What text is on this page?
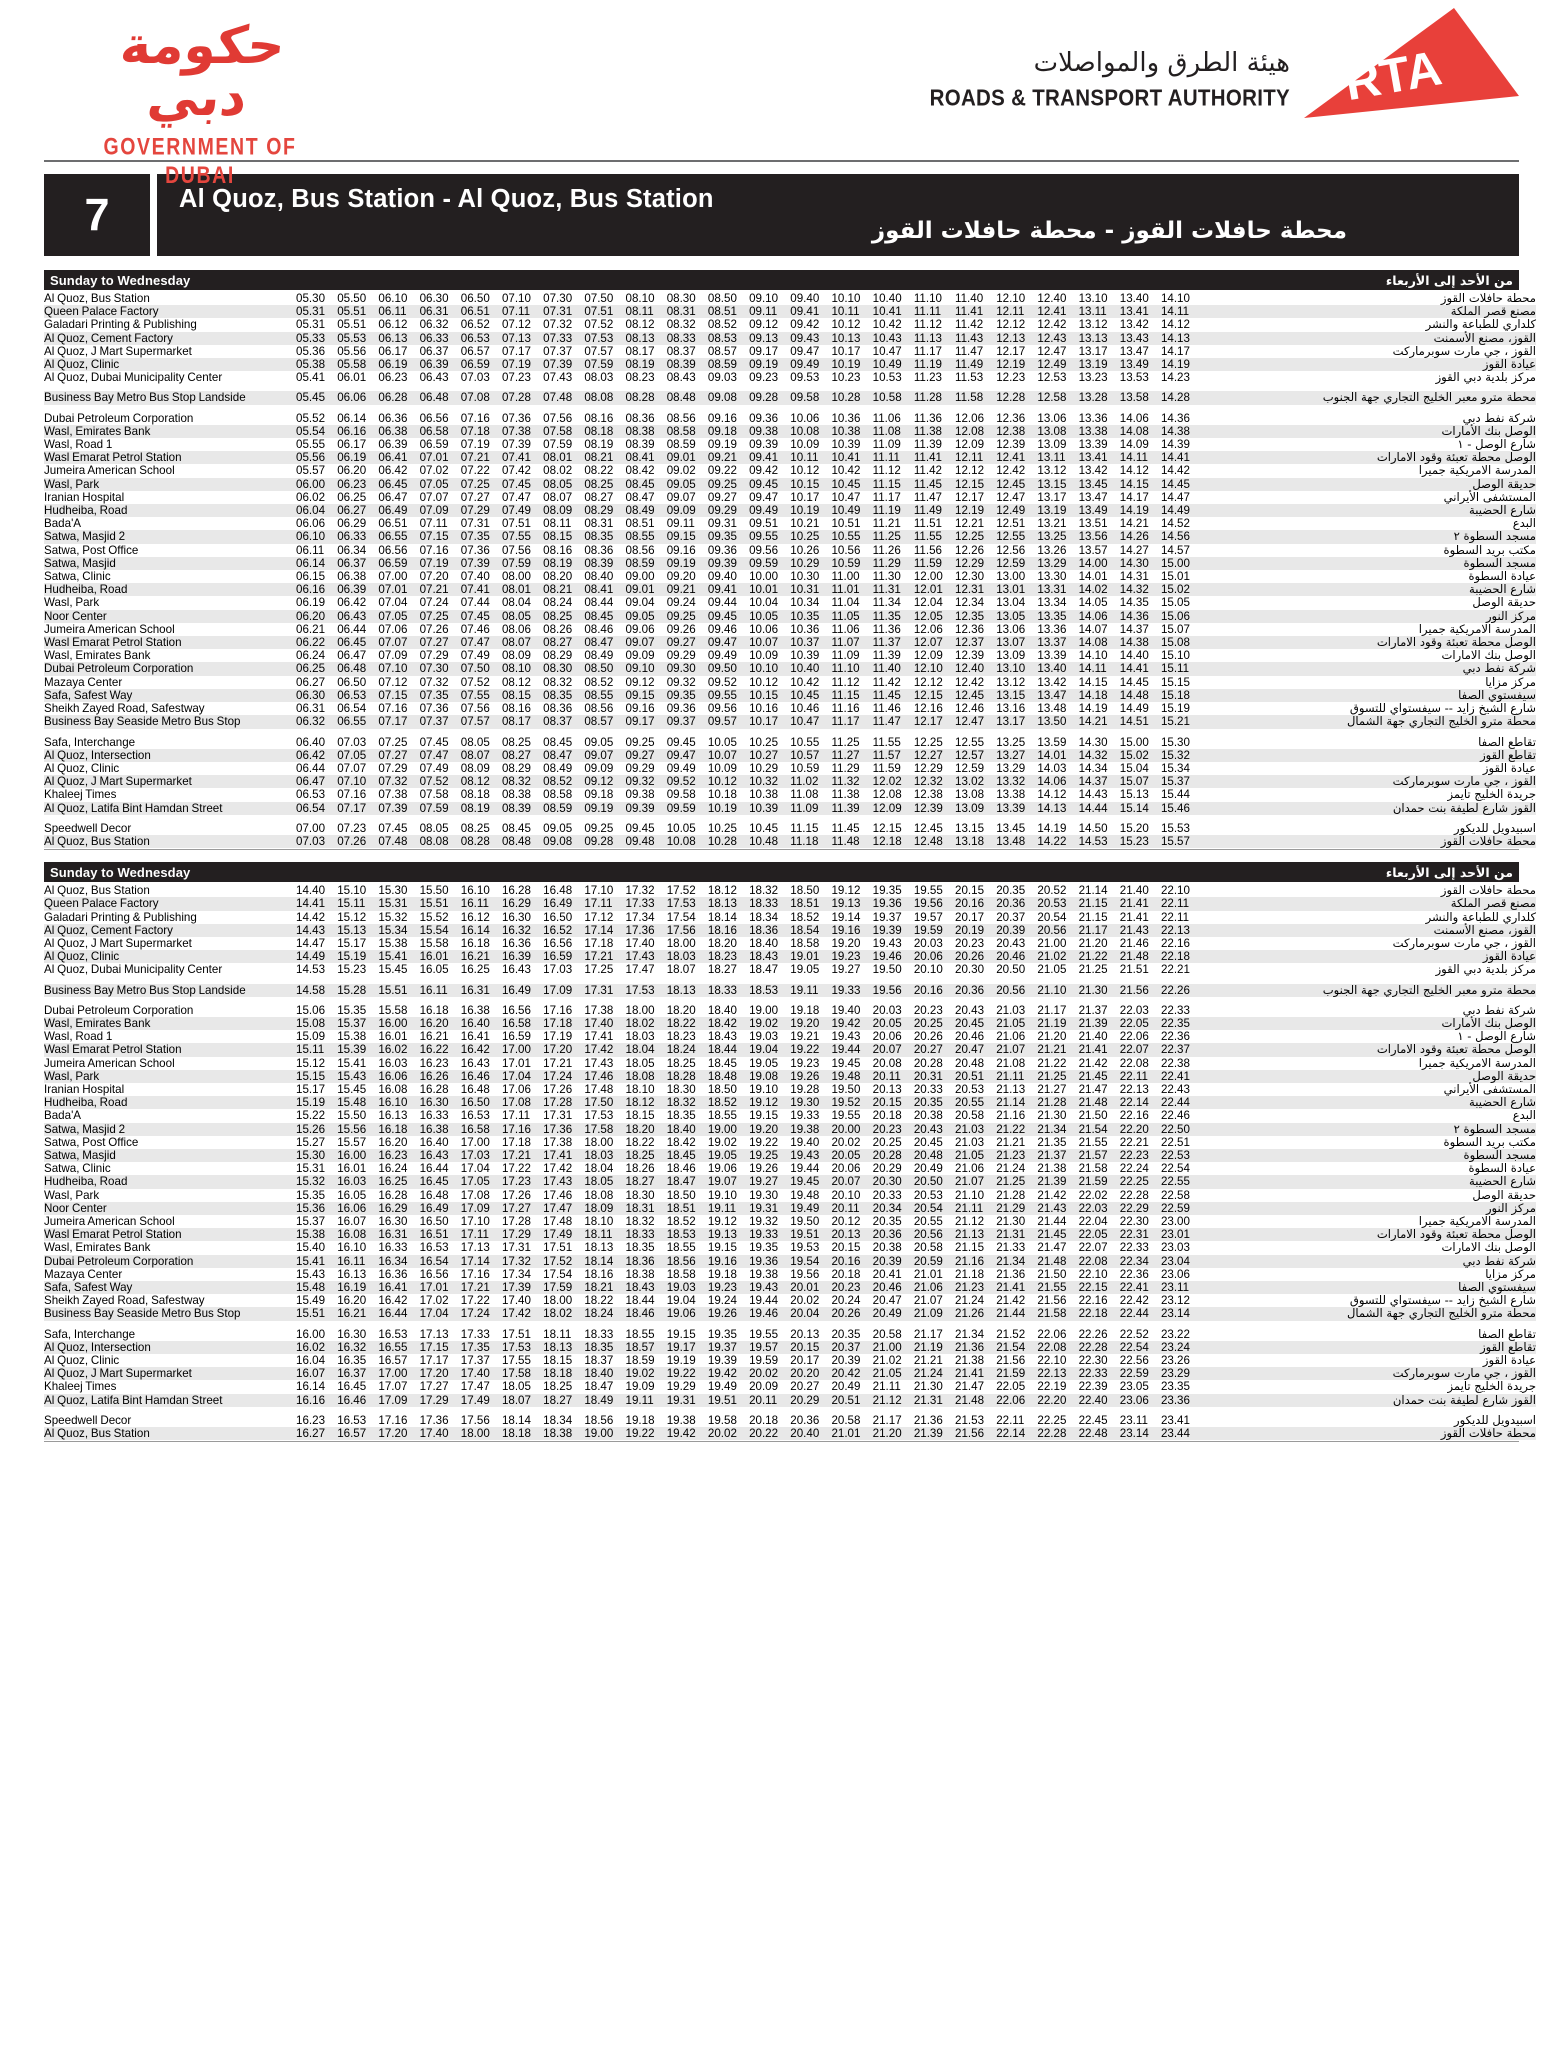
حكومة دبي
GOVERNMENT OF DUBAI
هيئة الطرق والمواصلات
ROADS & TRANSPORT AUTHORITY RTA
7	Al Quoz, Bus Station - Al Quoz, Bus Station
محطة حافلات القوز - محطة حافلات القوز
Sunday to Wednesday	من الأحد إلى الأربعاء
Al Quoz, Bus Station	05.30	05.50	06.10	06.30	06.50	07.10	07.30	07.50	08.10	08.30	08.50	09.10	09.40	10.10	10.40	11.10	11.40	12.10	12.40	13.10	13.40	14.10	محطة حافلات القوز
Queen Palace Factory	05.31	05.51	06.11	06.31	06.51	07.11	07.31	07.51	08.11	08.31	08.51	09.11	09.41	10.11	10.41	11.11	11.41	12.11	12.41	13.11	13.41	14.11	مصنع قصر الملكة
Galadari Printing & Publishing	05.31	05.51	06.12	06.32	06.52	07.12	07.32	07.52	08.12	08.32	08.52	09.12	09.42	10.12	10.42	11.12	11.42	12.12	12.42	13.12	13.42	14.12	كلداري للطباعة والنشر
Al Quoz, Cement Factory	05.33	05.53	06.13	06.33	06.53	07.13	07.33	07.53	08.13	08.33	08.53	09.13	09.43	10.13	10.43	11.13	11.43	12.13	12.43	13.13	13.43	14.13	القوز، مصنع الأسمنت
Al Quoz, J Mart Supermarket	05.36	05.56	06.17	06.37	06.57	07.17	07.37	07.57	08.17	08.37	08.57	09.17	09.47	10.17	10.47	11.17	11.47	12.17	12.47	13.17	13.47	14.17	القوز ، جي مارت سوبرماركت
Al Quoz, Clinic	05.38	05.58	06.19	06.39	06.59	07.19	07.39	07.59	08.19	08.39	08.59	09.19	09.49	10.19	10.49	11.19	11.49	12.19	12.49	13.19	13.49	14.19	عيادة القوز
Al Quoz, Dubai Municipality Center	05.41	06.01	06.23	06.43	07.03	07.23	07.43	08.03	08.23	08.43	09.03	09.23	09.53	10.23	10.53	11.23	11.53	12.23	12.53	13.23	13.53	14.23	مركز بلدية دبي القوز

Business Bay Metro Bus Stop Landside	05.45	06.06	06.28	06.48	07.08	07.28	07.48	08.08	08.28	08.48	09.08	09.28	09.58	10.28	10.58	11.28	11.58	12.28	12.58	13.28	13.58	14.28	محطة مترو معبر الخليج التجاري جهة الجنوب

Dubai Petroleum Corporation	05.52	06.14	06.36	06.56	07.16	07.36	07.56	08.16	08.36	08.56	09.16	09.36	10.06	10.36	11.06	11.36	12.06	12.36	13.06	13.36	14.06	14.36	شركة نفط دبي
Wasl, Emirates Bank	05.54	06.16	06.38	06.58	07.18	07.38	07.58	08.18	08.38	08.58	09.18	09.38	10.08	10.38	11.08	11.38	12.08	12.38	13.08	13.38	14.08	14.38	الوصل بنك الأمارات
Wasl, Road 1	05.55	06.17	06.39	06.59	07.19	07.39	07.59	08.19	08.39	08.59	09.19	09.39	10.09	10.39	11.09	11.39	12.09	12.39	13.09	13.39	14.09	14.39	شارع الوصل - ١
Wasl Emarat Petrol Station	05.56	06.19	06.41	07.01	07.21	07.41	08.01	08.21	08.41	09.01	09.21	09.41	10.11	10.41	11.11	11.41	12.11	12.41	13.11	13.41	14.11	14.41	الوصل محطة تعبئة وقود الامارات
Jumeira American School	05.57	06.20	06.42	07.02	07.22	07.42	08.02	08.22	08.42	09.02	09.22	09.42	10.12	10.42	11.12	11.42	12.12	12.42	13.12	13.42	14.12	14.42	المدرسة الامريكية جميرا
Wasl, Park	06.00	06.23	06.45	07.05	07.25	07.45	08.05	08.25	08.45	09.05	09.25	09.45	10.15	10.45	11.15	11.45	12.15	12.45	13.15	13.45	14.15	14.45	حديقة الوصل
Iranian Hospital	06.02	06.25	06.47	07.07	07.27	07.47	08.07	08.27	08.47	09.07	09.27	09.47	10.17	10.47	11.17	11.47	12.17	12.47	13.17	13.47	14.17	14.47	المستشفى الأيراني
Hudheiba, Road	06.04	06.27	06.49	07.09	07.29	07.49	08.09	08.29	08.49	09.09	09.29	09.49	10.19	10.49	11.19	11.49	12.19	12.49	13.19	13.49	14.19	14.49	شارع الحضيبة
Bada'A	06.06	06.29	06.51	07.11	07.31	07.51	08.11	08.31	08.51	09.11	09.31	09.51	10.21	10.51	11.21	11.51	12.21	12.51	13.21	13.51	14.21	14.52	البدع
Satwa, Masjid 2	06.10	06.33	06.55	07.15	07.35	07.55	08.15	08.35	08.55	09.15	09.35	09.55	10.25	10.55	11.25	11.55	12.25	12.55	13.25	13.56	14.26	14.56	مسجد السطوة ٢
Satwa, Post Office	06.11	06.34	06.56	07.16	07.36	07.56	08.16	08.36	08.56	09.16	09.36	09.56	10.26	10.56	11.26	11.56	12.26	12.56	13.26	13.57	14.27	14.57	مكتب بريد السطوة
Satwa, Masjid	06.14	06.37	06.59	07.19	07.39	07.59	08.19	08.39	08.59	09.19	09.39	09.59	10.29	10.59	11.29	11.59	12.29	12.59	13.29	14.00	14.30	15.00	مسجد السطوة
Satwa, Clinic	06.15	06.38	07.00	07.20	07.40	08.00	08.20	08.40	09.00	09.20	09.40	10.00	10.30	11.00	11.30	12.00	12.30	13.00	13.30	14.01	14.31	15.01	عيادة السطوة
Hudheiba, Road	06.16	06.39	07.01	07.21	07.41	08.01	08.21	08.41	09.01	09.21	09.41	10.01	10.31	11.01	11.31	12.01	12.31	13.01	13.31	14.02	14.32	15.02	شارع الحضيبة
Wasl, Park	06.19	06.42	07.04	07.24	07.44	08.04	08.24	08.44	09.04	09.24	09.44	10.04	10.34	11.04	11.34	12.04	12.34	13.04	13.34	14.05	14.35	15.05	حديقة الوصل
Noor Center	06.20	06.43	07.05	07.25	07.45	08.05	08.25	08.45	09.05	09.25	09.45	10.05	10.35	11.05	11.35	12.05	12.35	13.05	13.35	14.06	14.36	15.06	مركز النور
Jumeira American School	06.21	06.44	07.06	07.26	07.46	08.06	08.26	08.46	09.06	09.26	09.46	10.06	10.36	11.06	11.36	12.06	12.36	13.06	13.36	14.07	14.37	15.07	المدرسة الامريكية جميرا
Wasl Emarat Petrol Station	06.22	06.45	07.07	07.27	07.47	08.07	08.27	08.47	09.07	09.27	09.47	10.07	10.37	11.07	11.37	12.07	12.37	13.07	13.37	14.08	14.38	15.08	الوصل محطة تعبئة وقود الامارات
Wasl, Emirates Bank	06.24	06.47	07.09	07.29	07.49	08.09	08.29	08.49	09.09	09.29	09.49	10.09	10.39	11.09	11.39	12.09	12.39	13.09	13.39	14.10	14.40	15.10	الوصل بنك الامارات
Dubai Petroleum Corporation	06.25	06.48	07.10	07.30	07.50	08.10	08.30	08.50	09.10	09.30	09.50	10.10	10.40	11.10	11.40	12.10	12.40	13.10	13.40	14.11	14.41	15.11	شركة نفط دبي
Mazaya Center	06.27	06.50	07.12	07.32	07.52	08.12	08.32	08.52	09.12	09.32	09.52	10.12	10.42	11.12	11.42	12.12	12.42	13.12	13.42	14.15	14.45	15.15	مركز مزايا
Safa, Safest Way	06.30	06.53	07.15	07.35	07.55	08.15	08.35	08.55	09.15	09.35	09.55	10.15	10.45	11.15	11.45	12.15	12.45	13.15	13.47	14.18	14.48	15.18	سيفستوي الصفا
Sheikh Zayed Road, Safestway	06.31	06.54	07.16	07.36	07.56	08.16	08.36	08.56	09.16	09.36	09.56	10.16	10.46	11.16	11.46	12.16	12.46	13.16	13.48	14.19	14.49	15.19	شارع الشيخ زايد -- سيفستواي للتسوق
Business Bay Seaside Metro Bus Stop	06.32	06.55	07.17	07.37	07.57	08.17	08.37	08.57	09.17	09.37	09.57	10.17	10.47	11.17	11.47	12.17	12.47	13.17	13.50	14.21	14.51	15.21	محطة مترو الخليج التجاري جهة الشمال

Safa, Interchange	06.40	07.03	07.25	07.45	08.05	08.25	08.45	09.05	09.25	09.45	10.05	10.25	10.55	11.25	11.55	12.25	12.55	13.25	13.59	14.30	15.00	15.30	تقاطع الصفا
Al Quoz, Intersection	06.42	07.05	07.27	07.47	08.07	08.27	08.47	09.07	09.27	09.47	10.07	10.27	10.57	11.27	11.57	12.27	12.57	13.27	14.01	14.32	15.02	15.32	تقاطع القوز
Al Quoz, Clinic	06.44	07.07	07.29	07.49	08.09	08.29	08.49	09.09	09.29	09.49	10.09	10.29	10.59	11.29	11.59	12.29	12.59	13.29	14.03	14.34	15.04	15.34	عيادة القوز
Al Quoz, J Mart Supermarket	06.47	07.10	07.32	07.52	08.12	08.32	08.52	09.12	09.32	09.52	10.12	10.32	11.02	11.32	12.02	12.32	13.02	13.32	14.06	14.37	15.07	15.37	القوز ، جي مارت سوبرماركت
Khaleej Times	06.53	07.16	07.38	07.58	08.18	08.38	08.58	09.18	09.38	09.58	10.18	10.38	11.08	11.38	12.08	12.38	13.08	13.38	14.12	14.43	15.13	15.44	جريدة الخليج تايمز
Al Quoz, Latifa Bint Hamdan Street	06.54	07.17	07.39	07.59	08.19	08.39	08.59	09.19	09.39	09.59	10.19	10.39	11.09	11.39	12.09	12.39	13.09	13.39	14.13	14.44	15.14	15.46	القوز شارع لطيفة بنت حمدان

Speedwell Decor	07.00	07.23	07.45	08.05	08.25	08.45	09.05	09.25	09.45	10.05	10.25	10.45	11.15	11.45	12.15	12.45	13.15	13.45	14.19	14.50	15.20	15.53	اسبيدويل للديكور
Al Quoz, Bus Station	07.03	07.26	07.48	08.08	08.28	08.48	09.08	09.28	09.48	10.08	10.28	10.48	11.18	11.48	12.18	12.48	13.18	13.48	14.22	14.53	15.23	15.57	محطة حافلات القوز
Sunday to Wednesday	من الأحد إلى الأربعاء
Al Quoz, Bus Station	14.40	15.10	15.30	15.50	16.10	16.28	16.48	17.10	17.32	17.52	18.12	18.32	18.50	19.12	19.35	19.55	20.15	20.35	20.52	21.14	21.40	22.10	محطة حافلات القوز
Queen Palace Factory	14.41	15.11	15.31	15.51	16.11	16.29	16.49	17.11	17.33	17.53	18.13	18.33	18.51	19.13	19.36	19.56	20.16	20.36	20.53	21.15	21.41	22.11	مصنع قصر الملكة
Galadari Printing & Publishing	14.42	15.12	15.32	15.52	16.12	16.30	16.50	17.12	17.34	17.54	18.14	18.34	18.52	19.14	19.37	19.57	20.17	20.37	20.54	21.15	21.41	22.11	كلداري للطباعة والنشر
Al Quoz, Cement Factory	14.43	15.13	15.34	15.54	16.14	16.32	16.52	17.14	17.36	17.56	18.16	18.36	18.54	19.16	19.39	19.59	20.19	20.39	20.56	21.17	21.43	22.13	القوز، مصنع الأسمنت
Al Quoz, J Mart Supermarket	14.47	15.17	15.38	15.58	16.18	16.36	16.56	17.18	17.40	18.00	18.20	18.40	18.58	19.20	19.43	20.03	20.23	20.43	21.00	21.20	21.46	22.16	القوز ، جي مارت سوبرماركت
Al Quoz, Clinic	14.49	15.19	15.41	16.01	16.21	16.39	16.59	17.21	17.43	18.03	18.23	18.43	19.01	19.23	19.46	20.06	20.26	20.46	21.02	21.22	21.48	22.18	عيادة القوز
Al Quoz, Dubai Municipality Center	14.53	15.23	15.45	16.05	16.25	16.43	17.03	17.25	17.47	18.07	18.27	18.47	19.05	19.27	19.50	20.10	20.30	20.50	21.05	21.25	21.51	22.21	مركز بلدية دبي القوز

Business Bay Metro Bus Stop Landside	14.58	15.28	15.51	16.11	16.31	16.49	17.09	17.31	17.53	18.13	18.33	18.53	19.11	19.33	19.56	20.16	20.36	20.56	21.10	21.30	21.56	22.26	محطة مترو معبر الخليج التجاري جهة الجنوب

Dubai Petroleum Corporation	15.06	15.35	15.58	16.18	16.38	16.56	17.16	17.38	18.00	18.20	18.40	19.00	19.18	19.40	20.03	20.23	20.43	21.03	21.17	21.37	22.03	22.33	شركة نفط دبي
Wasl, Emirates Bank	15.08	15.37	16.00	16.20	16.40	16.58	17.18	17.40	18.02	18.22	18.42	19.02	19.20	19.42	20.05	20.25	20.45	21.05	21.19	21.39	22.05	22.35	الوصل بنك الأمارات
Wasl, Road 1	15.09	15.38	16.01	16.21	16.41	16.59	17.19	17.41	18.03	18.23	18.43	19.03	19.21	19.43	20.06	20.26	20.46	21.06	21.20	21.40	22.06	22.36	شارع الوصل - ١
Wasl Emarat Petrol Station	15.11	15.39	16.02	16.22	16.42	17.00	17.20	17.42	18.04	18.24	18.44	19.04	19.22	19.44	20.07	20.27	20.47	21.07	21.21	21.41	22.07	22.37	الوصل محطة تعبئة وقود الامارات
Jumeira American School	15.12	15.41	16.03	16.23	16.43	17.01	17.21	17.43	18.05	18.25	18.45	19.05	19.23	19.45	20.08	20.28	20.48	21.08	21.22	21.42	22.08	22.38	المدرسة الامريكية جميرا
Wasl, Park	15.15	15.43	16.06	16.26	16.46	17.04	17.24	17.46	18.08	18.28	18.48	19.08	19.26	19.48	20.11	20.31	20.51	21.11	21.25	21.45	22.11	22.41	حديقة الوصل
Iranian Hospital	15.17	15.45	16.08	16.28	16.48	17.06	17.26	17.48	18.10	18.30	18.50	19.10	19.28	19.50	20.13	20.33	20.53	21.13	21.27	21.47	22.13	22.43	المستشفى الأيراني
Hudheiba, Road	15.19	15.48	16.10	16.30	16.50	17.08	17.28	17.50	18.12	18.32	18.52	19.12	19.30	19.52	20.15	20.35	20.55	21.14	21.28	21.48	22.14	22.44	شارع الحضيبة
Bada'A	15.22	15.50	16.13	16.33	16.53	17.11	17.31	17.53	18.15	18.35	18.55	19.15	19.33	19.55	20.18	20.38	20.58	21.16	21.30	21.50	22.16	22.46	البدع
Satwa, Masjid 2	15.26	15.56	16.18	16.38	16.58	17.16	17.36	17.58	18.20	18.40	19.00	19.20	19.38	20.00	20.23	20.43	21.03	21.22	21.34	21.54	22.20	22.50	مسجد السطوة ٢
Satwa, Post Office	15.27	15.57	16.20	16.40	17.00	17.18	17.38	18.00	18.22	18.42	19.02	19.22	19.40	20.02	20.25	20.45	21.03	21.21	21.35	21.55	22.21	22.51	مكتب بريد السطوة
Satwa, Masjid	15.30	16.00	16.23	16.43	17.03	17.21	17.41	18.03	18.25	18.45	19.05	19.25	19.43	20.05	20.28	20.48	21.05	21.23	21.37	21.57	22.23	22.53	مسجد السطوة
Satwa, Clinic	15.31	16.01	16.24	16.44	17.04	17.22	17.42	18.04	18.26	18.46	19.06	19.26	19.44	20.06	20.29	20.49	21.06	21.24	21.38	21.58	22.24	22.54	عيادة السطوة
Hudheiba, Road	15.32	16.03	16.25	16.45	17.05	17.23	17.43	18.05	18.27	18.47	19.07	19.27	19.45	20.07	20.30	20.50	21.07	21.25	21.39	21.59	22.25	22.55	شارع الحضيبة
Wasl, Park	15.35	16.05	16.28	16.48	17.08	17.26	17.46	18.08	18.30	18.50	19.10	19.30	19.48	20.10	20.33	20.53	21.10	21.28	21.42	22.02	22.28	22.58	حديقة الوصل
Noor Center	15.36	16.06	16.29	16.49	17.09	17.27	17.47	18.09	18.31	18.51	19.11	19.31	19.49	20.11	20.34	20.54	21.11	21.29	21.43	22.03	22.29	22.59	مركز النور
Jumeira American School	15.37	16.07	16.30	16.50	17.10	17.28	17.48	18.10	18.32	18.52	19.12	19.32	19.50	20.12	20.35	20.55	21.12	21.30	21.44	22.04	22.30	23.00	المدرسة الامريكية جميرا
Wasl Emarat Petrol Station	15.38	16.08	16.31	16.51	17.11	17.29	17.49	18.11	18.33	18.53	19.13	19.33	19.51	20.13	20.36	20.56	21.13	21.31	21.45	22.05	22.31	23.01	الوصل محطة تعبئة وقود الامارات
Wasl, Emirates Bank	15.40	16.10	16.33	16.53	17.13	17.31	17.51	18.13	18.35	18.55	19.15	19.35	19.53	20.15	20.38	20.58	21.15	21.33	21.47	22.07	22.33	23.03	الوصل بنك الامارات
Dubai Petroleum Corporation	15.41	16.11	16.34	16.54	17.14	17.32	17.52	18.14	18.36	18.56	19.16	19.36	19.54	20.16	20.39	20.59	21.16	21.34	21.48	22.08	22.34	23.04	شركة نفط دبي
Mazaya Center	15.43	16.13	16.36	16.56	17.16	17.34	17.54	18.16	18.38	18.58	19.18	19.38	19.56	20.18	20.41	21.01	21.18	21.36	21.50	22.10	22.36	23.06	مركز مزايا
Safa, Safest Way	15.48	16.19	16.41	17.01	17.21	17.39	17.59	18.21	18.43	19.03	19.23	19.43	20.01	20.23	20.46	21.06	21.23	21.41	21.55	22.15	22.41	23.11	سيفستوي الصفا
Sheikh Zayed Road, Safestway	15.49	16.20	16.42	17.02	17.22	17.40	18.00	18.22	18.44	19.04	19.24	19.44	20.02	20.24	20.47	21.07	21.24	21.42	21.56	22.16	22.42	23.12	شارع الشيخ زايد -- سيفستواي للتسوق
Business Bay Seaside Metro Bus Stop	15.51	16.21	16.44	17.04	17.24	17.42	18.02	18.24	18.46	19.06	19.26	19.46	20.04	20.26	20.49	21.09	21.26	21.44	21.58	22.18	22.44	23.14	محطة مترو الخليج التجاري جهة الشمال

Safa, Interchange	16.00	16.30	16.53	17.13	17.33	17.51	18.11	18.33	18.55	19.15	19.35	19.55	20.13	20.35	20.58	21.17	21.34	21.52	22.06	22.26	22.52	23.22	تقاطع الصفا
Al Quoz, Intersection	16.02	16.32	16.55	17.15	17.35	17.53	18.13	18.35	18.57	19.17	19.37	19.57	20.15	20.37	21.00	21.19	21.36	21.54	22.08	22.28	22.54	23.24	تقاطع القوز
Al Quoz, Clinic	16.04	16.35	16.57	17.17	17.37	17.55	18.15	18.37	18.59	19.19	19.39	19.59	20.17	20.39	21.02	21.21	21.38	21.56	22.10	22.30	22.56	23.26	عيادة القوز
Al Quoz, J Mart Supermarket	16.07	16.37	17.00	17.20	17.40	17.58	18.18	18.40	19.02	19.22	19.42	20.02	20.20	20.42	21.05	21.24	21.41	21.59	22.13	22.33	22.59	23.29	القوز ، جي مارت سوبرماركت
Khaleej Times	16.14	16.45	17.07	17.27	17.47	18.05	18.25	18.47	19.09	19.29	19.49	20.09	20.27	20.49	21.11	21.30	21.47	22.05	22.19	22.39	23.05	23.35	جريدة الخليج تايمز
Al Quoz, Latifa Bint Hamdan Street	16.16	16.46	17.09	17.29	17.49	18.07	18.27	18.49	19.11	19.31	19.51	20.11	20.29	20.51	21.12	21.31	21.48	22.06	22.20	22.40	23.06	23.36	القوز شارع لطيفة بنت حمدان

Speedwell Decor	16.23	16.53	17.16	17.36	17.56	18.14	18.34	18.56	19.18	19.38	19.58	20.18	20.36	20.58	21.17	21.36	21.53	22.11	22.25	22.45	23.11	23.41	اسبيدويل للديكور
Al Quoz, Bus Station	16.27	16.57	17.20	17.40	18.00	18.18	18.38	19.00	19.22	19.42	20.02	20.22	20.40	21.01	21.20	21.39	21.56	22.14	22.28	22.48	23.14	23.44	محطة حافلات القوز
